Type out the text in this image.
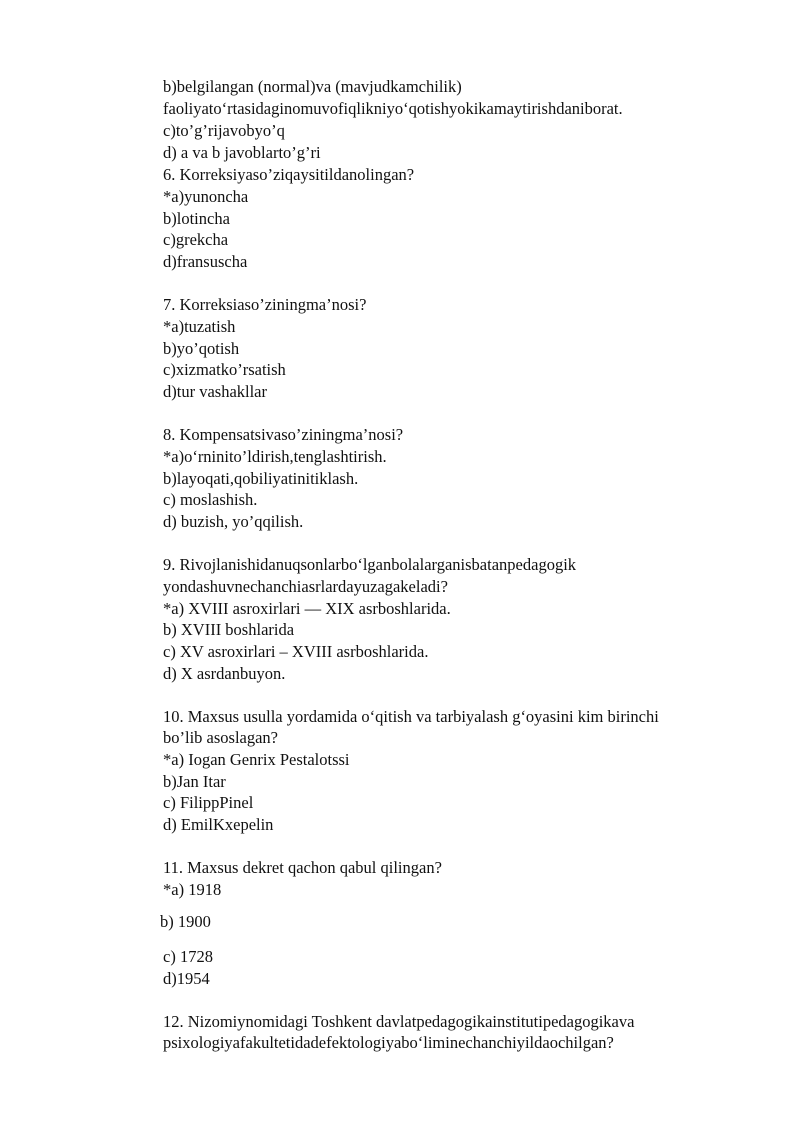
b)belgilangan (normal)va (mavjudkamchilik)
faoliyato‘rtasidaginomuvofiqlikniyo‘qotishyokikamaytirishdaniborat.
c)to’g’rijavobyo’q
d) a va b javoblarto’g’ri
6. Korreksiyaso’ziqaysitildanolingan?
*a)yunoncha
b)lotincha
c)grekcha
d)fransuscha
7. Korreksiaso’ziningma’nosi?
*a)tuzatish
b)yo’qotish
c)xizmatko’rsatish
d)tur vashakllar
8. Kompensatsivaso’ziningma’nosi?
*a)o‘rninito’ldirish,tenglashtirish.
b)layoqati,qobiliyatinitiklash.
c) moslashish.
d) buzish, yo’qqilish.
9. Rivojlanishidanuqsonlarbo‘lganbolalarganisbatanpedagogik
yondashuvnechanchiasrlardayuzagakeladi?
*a) XVIII asroxirlari — XIX asrboshlarida.
b) XVIII boshlarida
c) XV asroxirlari – XVIII asrboshlarida.
d) X asrdanbuyon.
10. Maxsus usulla yordamida o‘qitish va tarbiyalash g‘oyasini kim birinchi
bo’lib asoslagan?
*a) Iogan Genrix Pestalotssi
b)Jan Itar
c) FilippPinel
d) EmilKxepelin
11. Maxsus dekret qachon qabul qilingan?
*a) 1918
b) 1900
c) 1728
d)1954
12. Nizomiynomidagi Toshkent davlatpedagogikainstitutipedagogikava
psixologiyafakultetidadefektologiyabo‘liminechanchiyildaochilgan?
